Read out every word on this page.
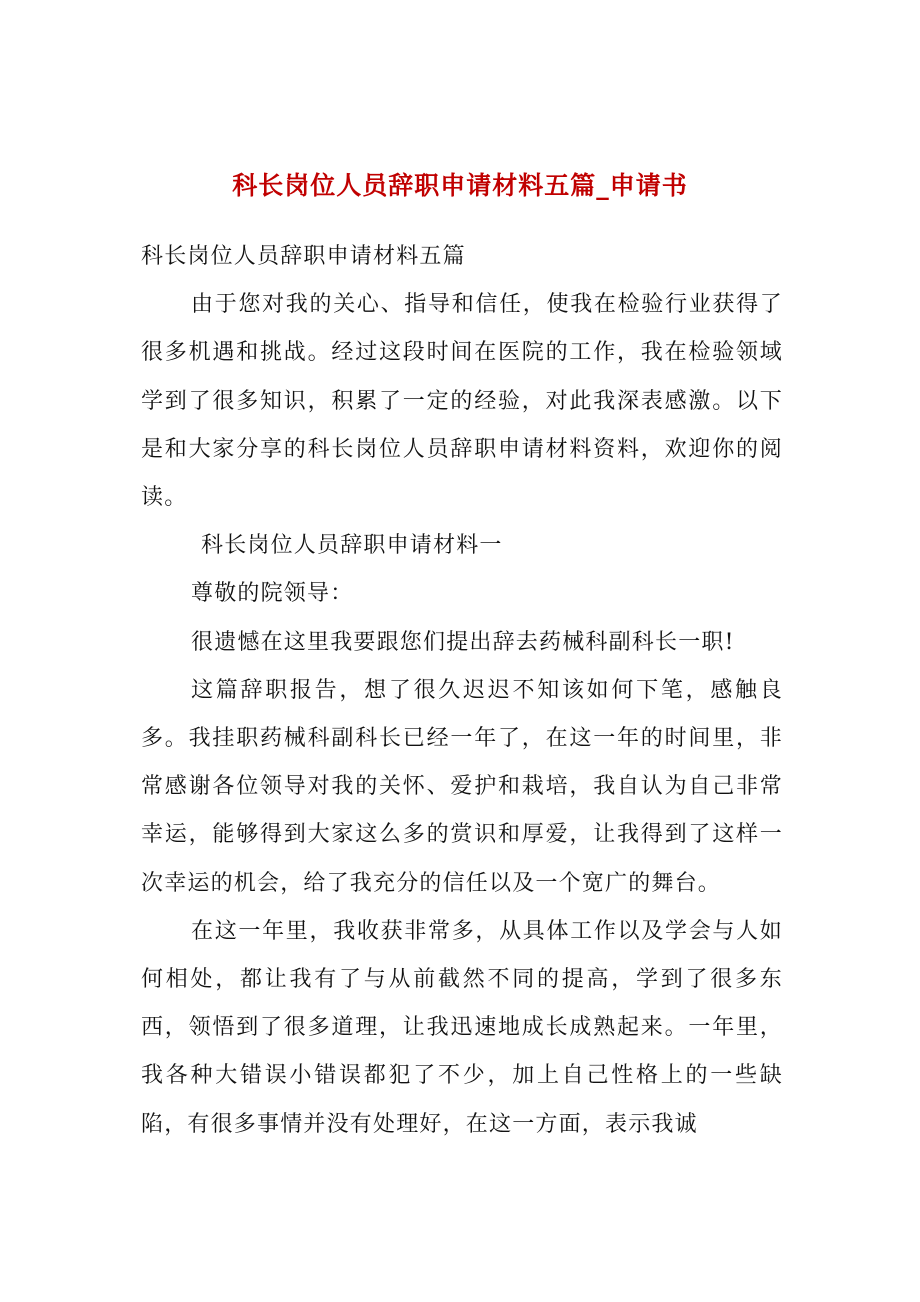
科长岗位人员辞职申请材料五篇_申请书

科长岗位人员辞职申请材料五篇

由于您对我的关心、指导和信任，使我在检验行业获得了很多机遇和挑战。经过这段时间在医院的工作，我在检验领域学到了很多知识，积累了一定的经验，对此我深表感激。以下是和大家分享的科长岗位人员辞职申请材料资料，欢迎你的阅读。

科长岗位人员辞职申请材料一

尊敬的院领导：

很遗憾在这里我要跟您们提出辞去药械科副科长一职!

这篇辞职报告，想了很久迟迟不知该如何下笔，感触良多。我挂职药械科副科长已经一年了，在这一年的时间里，非常感谢各位领导对我的关怀、爱护和栽培，我自认为自己非常幸运，能够得到大家这么多的赏识和厚爱，让我得到了这样一次幸运的机会，给了我充分的信任以及一个宽广的舞台。

在这一年里，我收获非常多，从具体工作以及学会与人如何相处，都让我有了与从前截然不同的提高，学到了很多东西，领悟到了很多道理，让我迅速地成长成熟起来。一年里，我各种大错误小错误都犯了不少，加上自己性格上的一些缺陷，有很多事情并没有处理好，在这一方面，表示我诚
